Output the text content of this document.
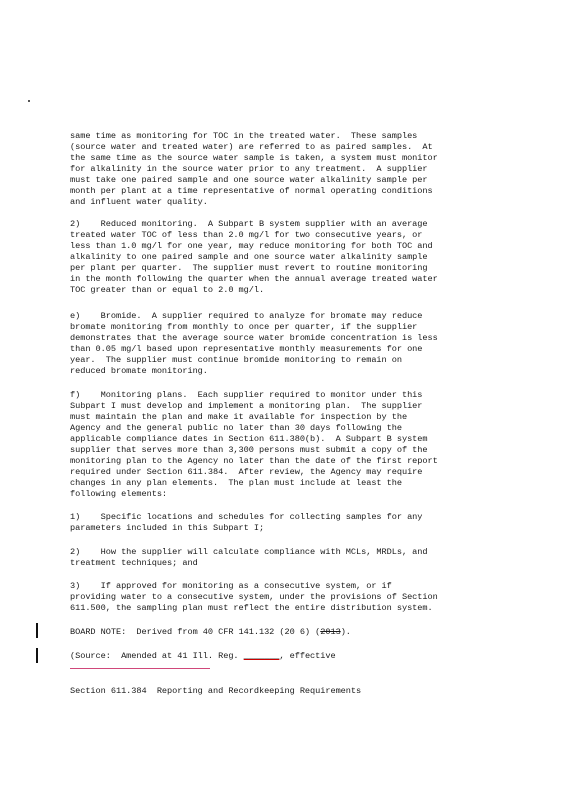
same time as monitoring for TOC in the treated water.  These samples
(source water and treated water) are referred to as paired samples.  At
the same time as the source water sample is taken, a system must monitor
for alkalinity in the source water prior to any treatment.  A supplier
must take one paired sample and one source water alkalinity sample per
month per plant at a time representative of normal operating conditions
and influent water quality.
2)    Reduced monitoring.  A Subpart B system supplier with an average
treated water TOC of less than 2.0 mg/l for two consecutive years, or
less than 1.0 mg/l for one year, may reduce monitoring for both TOC and
alkalinity to one paired sample and one source water alkalinity sample
per plant per quarter.  The supplier must revert to routine monitoring
in the month following the quarter when the annual average treated water
TOC greater than or equal to 2.0 mg/l.
e)    Bromide.  A supplier required to analyze for bromate may reduce
bromate monitoring from monthly to once per quarter, if the supplier
demonstrates that the average source water bromide concentration is less
than 0.05 mg/l based upon representative monthly measurements for one
year.  The supplier must continue bromide monitoring to remain on
reduced bromate monitoring.
f)    Monitoring plans.  Each supplier required to monitor under this
Subpart I must develop and implement a monitoring plan.  The supplier
must maintain the plan and make it available for inspection by the
Agency and the general public no later than 30 days following the
applicable compliance dates in Section 611.380(b).  A Subpart B system
supplier that serves more than 3,300 persons must submit a copy of the
monitoring plan to the Agency no later than the date of the first report
required under Section 611.384.  After review, the Agency may require
changes in any plan elements.  The plan must include at least the
following elements:
1)    Specific locations and schedules for collecting samples for any
parameters included in this Subpart I;
2)    How the supplier will calculate compliance with MCLs, MRDLs, and
treatment techniques; and
3)    If approved for monitoring as a consecutive system, or if
providing water to a consecutive system, under the provisions of Section
611.500, the sampling plan must reflect the entire distribution system.
BOARD NOTE:  Derived from 40 CFR 141.132 (20 6) (2013).
(Source:  Amended at 41 Ill. Reg. _______, effective
Section 611.384  Reporting and Recordkeeping Requirements
